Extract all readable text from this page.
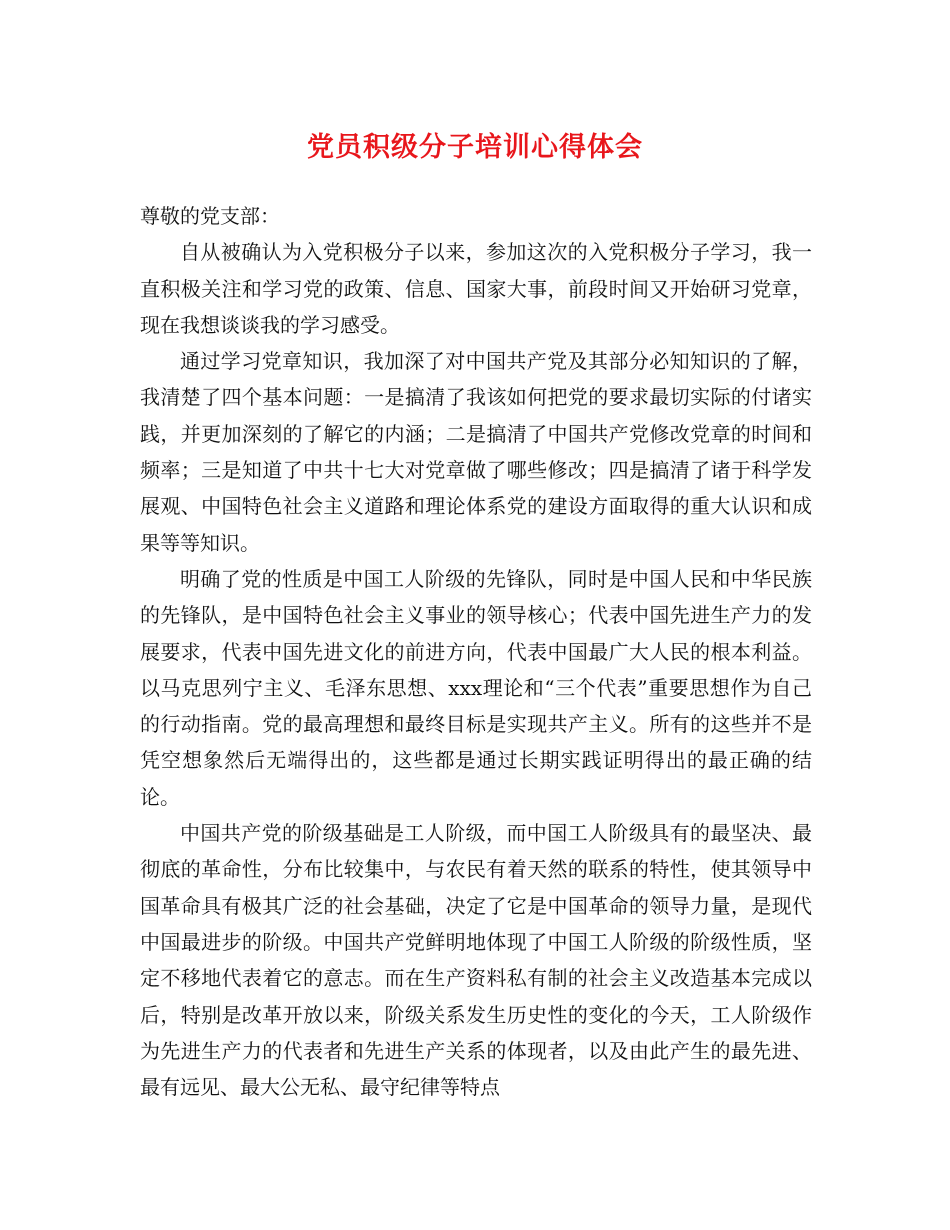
党员积级分子培训心得体会

尊敬的党支部：

自从被确认为入党积极分子以来，参加这次的入党积极分子学习，我一直积极关注和学习党的政策、信息、国家大事，前段时间又开始研习党章，现在我想谈谈我的学习感受。

通过学习党章知识，我加深了对中国共产党及其部分必知知识的了解，我清楚了四个基本问题：一是搞清了我该如何把党的要求最切实际的付诸实践，并更加深刻的了解它的内涵；二是搞清了中国共产党修改党章的时间和频率；三是知道了中共十七大对党章做了哪些修改；四是搞清了诸于科学发展观、中国特色社会主义道路和理论体系党的建设方面取得的重大认识和成果等等知识。

明确了党的性质是中国工人阶级的先锋队，同时是中国人民和中华民族的先锋队，是中国特色社会主义事业的领导核心；代表中国先进生产力的发展要求，代表中国先进文化的前进方向，代表中国最广大人民的根本利益。以马克思列宁主义、毛泽东思想、xxx理论和“三个代表”重要思想作为自己的行动指南。党的最高理想和最终目标是实现共产主义。所有的这些并不是凭空想象然后无端得出的，这些都是通过长期实践证明得出的最正确的结论。

中国共产党的阶级基础是工人阶级，而中国工人阶级具有的最坚决、最彻底的革命性，分布比较集中，与农民有着天然的联系的特性，使其领导中国革命具有极其广泛的社会基础，决定了它是中国革命的领导力量，是现代中国最进步的阶级。中国共产党鲜明地体现了中国工人阶级的阶级性质，坚定不移地代表着它的意志。而在生产资料私有制的社会主义改造基本完成以后，特别是改革开放以来，阶级关系发生历史性的变化的今天，工人阶级作为先进生产力的代表者和先进生产关系的体现者，以及由此产生的最先进、最有远见、最大公无私、最守纪律等特点
